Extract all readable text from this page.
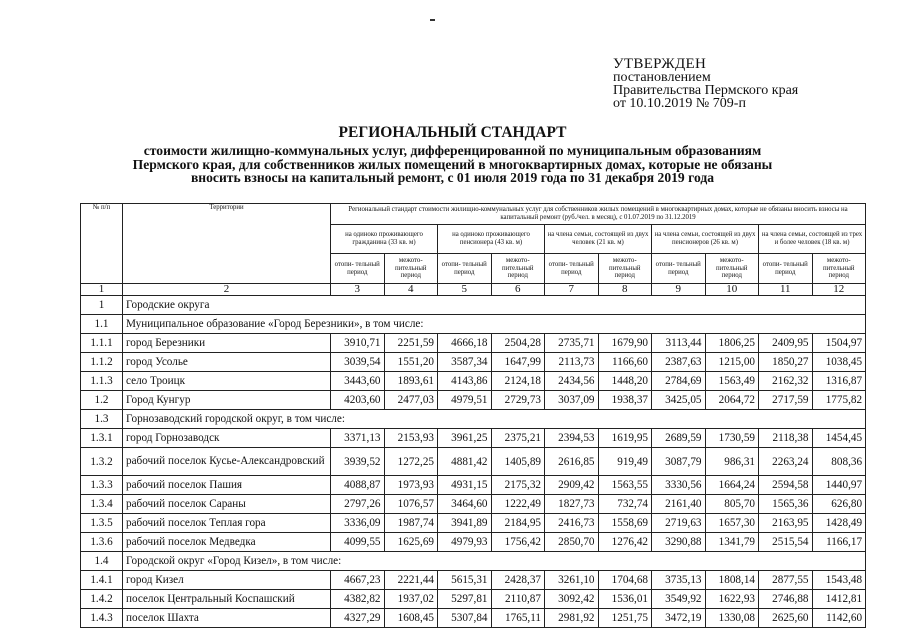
УТВЕРЖДЕН
постановлением
Правительства Пермского края
от 10.10.2019 № 709-п
РЕГИОНАЛЬНЫЙ СТАНДАРТ
стоимости жилищно-коммунальных услуг, дифференцированной по муниципальным образованиям
Пермского края, для собственников жилых помещений в многоквартирных домах, которые не обязаны
вносить взносы на капитальный ремонт, с 01 июля 2019 года по 31 декабря 2019 года
№ п/п	Территории	Региональный стандарт стоимости жилищно-коммунальных услуг для собственников жилых помещений в многоквартирных домах, которые не обязаны вносить взносы на капитальный ремонт (руб./чел. в месяц), с 01.07.2019 по 31.12.2019									
		на одиноко проживающего гражданина (33 кв. м)		на одиноко проживающего пенсионера (43 кв. м)		на члена семьи, состоящей из двух человек (21 кв. м)		на члена семьи, состоящей из двух пенсионеров (26 кв. м)		на члена семьи, состоящей из трех и более человек (18 кв. м)	
		отопи- тельный период	межото- пительный период	отопи- тельный период	межото- пительный период	отопи- тельный период	межото- пительный период	отопи- тельный период	межото- пительный период	отопи- тельный период	межото- пительный период
1	2	3	4	5	6	7	8	9	10	11	12
1	Городские округа										
1.1	Муниципальное образование «Город Березники», в том числе:										
1.1.1	город Березники	3910,71	2251,59	4666,18	2504,28	2735,71	1679,90	3113,44	1806,25	2409,95	1504,97
1.1.2	город Усолье	3039,54	1551,20	3587,34	1647,99	2113,73	1166,60	2387,63	1215,00	1850,27	1038,45
1.1.3	село Троицк	3443,60	1893,61	4143,86	2124,18	2434,56	1448,20	2784,69	1563,49	2162,32	1316,87
1.2	Город Кунгур	4203,60	2477,03	4979,51	2729,73	3037,09	1938,37	3425,05	2064,72	2717,59	1775,82
1.3	Горнозаводский городской округ, в том числе:										
1.3.1	город Горнозаводск	3371,13	2153,93	3961,25	2375,21	2394,53	1619,95	2689,59	1730,59	2118,38	1454,45
1.3.2	рабочий поселок Кусье-Александровский	3939,52	1272,25	4881,42	1405,89	2616,85	919,49	3087,79	986,31	2263,24	808,36
1.3.3	рабочий поселок Пашия	4088,87	1973,93	4931,15	2175,32	2909,42	1563,55	3330,56	1664,24	2594,58	1440,97
1.3.4	рабочий поселок Сараны	2797,26	1076,57	3464,60	1222,49	1827,73	732,74	2161,40	805,70	1565,36	626,80
1.3.5	рабочий поселок Теплая гора	3336,09	1987,74	3941,89	2184,95	2416,73	1558,69	2719,63	1657,30	2163,95	1428,49
1.3.6	рабочий поселок Медведка	4099,55	1625,69	4979,93	1756,42	2850,70	1276,42	3290,88	1341,79	2515,54	1166,17
1.4	Городской округ «Город Кизел», в том числе:										
1.4.1	город Кизел	4667,23	2221,44	5615,31	2428,37	3261,10	1704,68	3735,13	1808,14	2877,55	1543,48
1.4.2	поселок Центральный Коспашский	4382,82	1937,02	5297,81	2110,87	3092,42	1536,01	3549,92	1622,93	2746,88	1412,81
1.4.3	поселок Шахта	4327,29	1608,45	5307,84	1765,11	2981,92	1251,75	3472,19	1330,08	2625,60	1142,60
